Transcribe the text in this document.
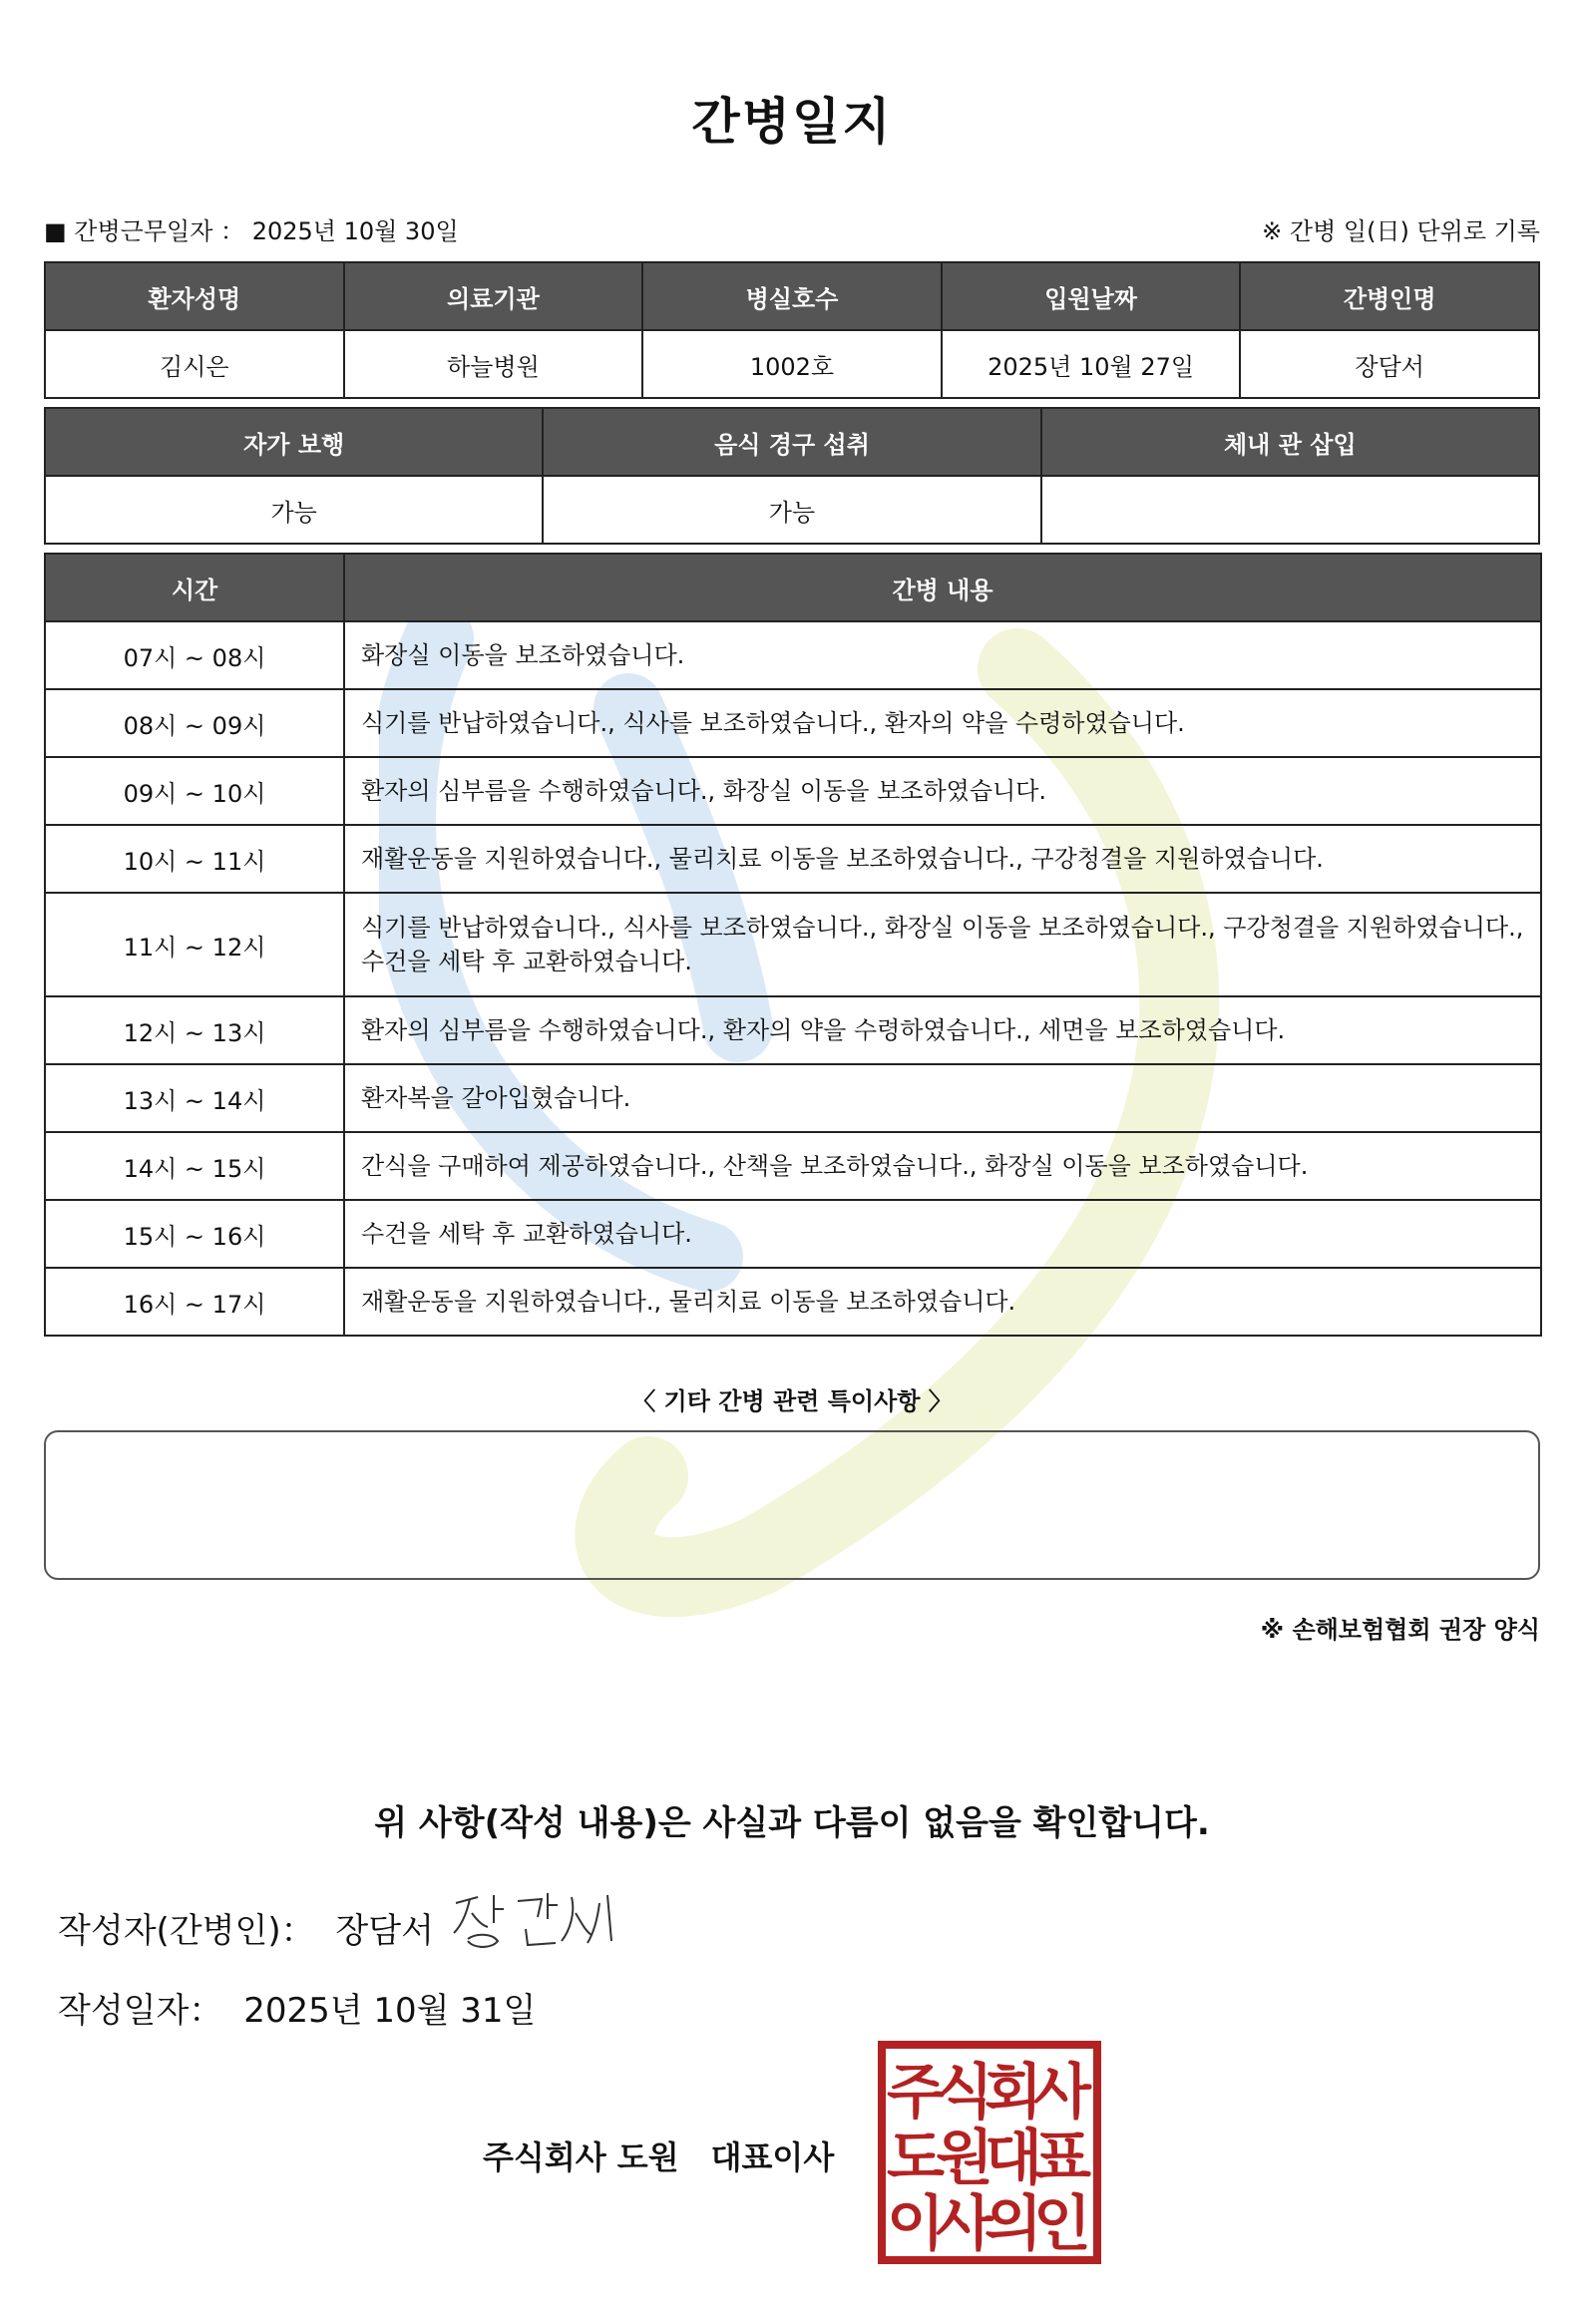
간병일지
■ 간병근무일자 ： 2025년 10월 30일	※ 간병 일(日) 단위로 기록
환자성명	의료기관	병실호수	입원날짜	간병인명
김시은	하늘병원	1002호	2025년 10월 27일	장담서
자가 보행	음식 경구 섭취	체내 관 삽입
가능	가능	
시간	간병 내용
07시 ~ 08시	화장실 이동을 보조하였습니다.
08시 ~ 09시	식기를 반납하였습니다., 식사를 보조하였습니다., 환자의 약을 수령하였습니다.
09시 ~ 10시	환자의 심부름을 수행하였습니다., 화장실 이동을 보조하였습니다.
10시 ~ 11시	재활운동을 지원하였습니다., 물리치료 이동을 보조하였습니다., 구강청결을 지원하였습니다.
11시 ~ 12시	식기를 반납하였습니다., 식사를 보조하였습니다., 화장실 이동을 보조하였습니다., 구강청결을 지원하였습니다., 수건을 세탁 후 교환하였습니다.
12시 ~ 13시	환자의 심부름을 수행하였습니다., 환자의 약을 수령하였습니다., 세면을 보조하였습니다.
13시 ~ 14시	환자복을 갈아입혔습니다.
14시 ~ 15시	간식을 구매하여 제공하였습니다., 산책을 보조하였습니다., 화장실 이동을 보조하였습니다.
15시 ~ 16시	수건을 세탁 후 교환하였습니다.
16시 ~ 17시	재활운동을 지원하였습니다., 물리치료 이동을 보조하였습니다.
〈 기타 간병 관련 특이사항 〉
※ 손해보험협회 권장 양식
위 사항(작성 내용)은 사실과 다름이 없음을 확인합니다.
작성자(간병인)： 장담서
작성일자： 2025년 10월 31일
주식회사 도원　대표이사
주
식
회
사
도
원
대
표
이
사
의
인
